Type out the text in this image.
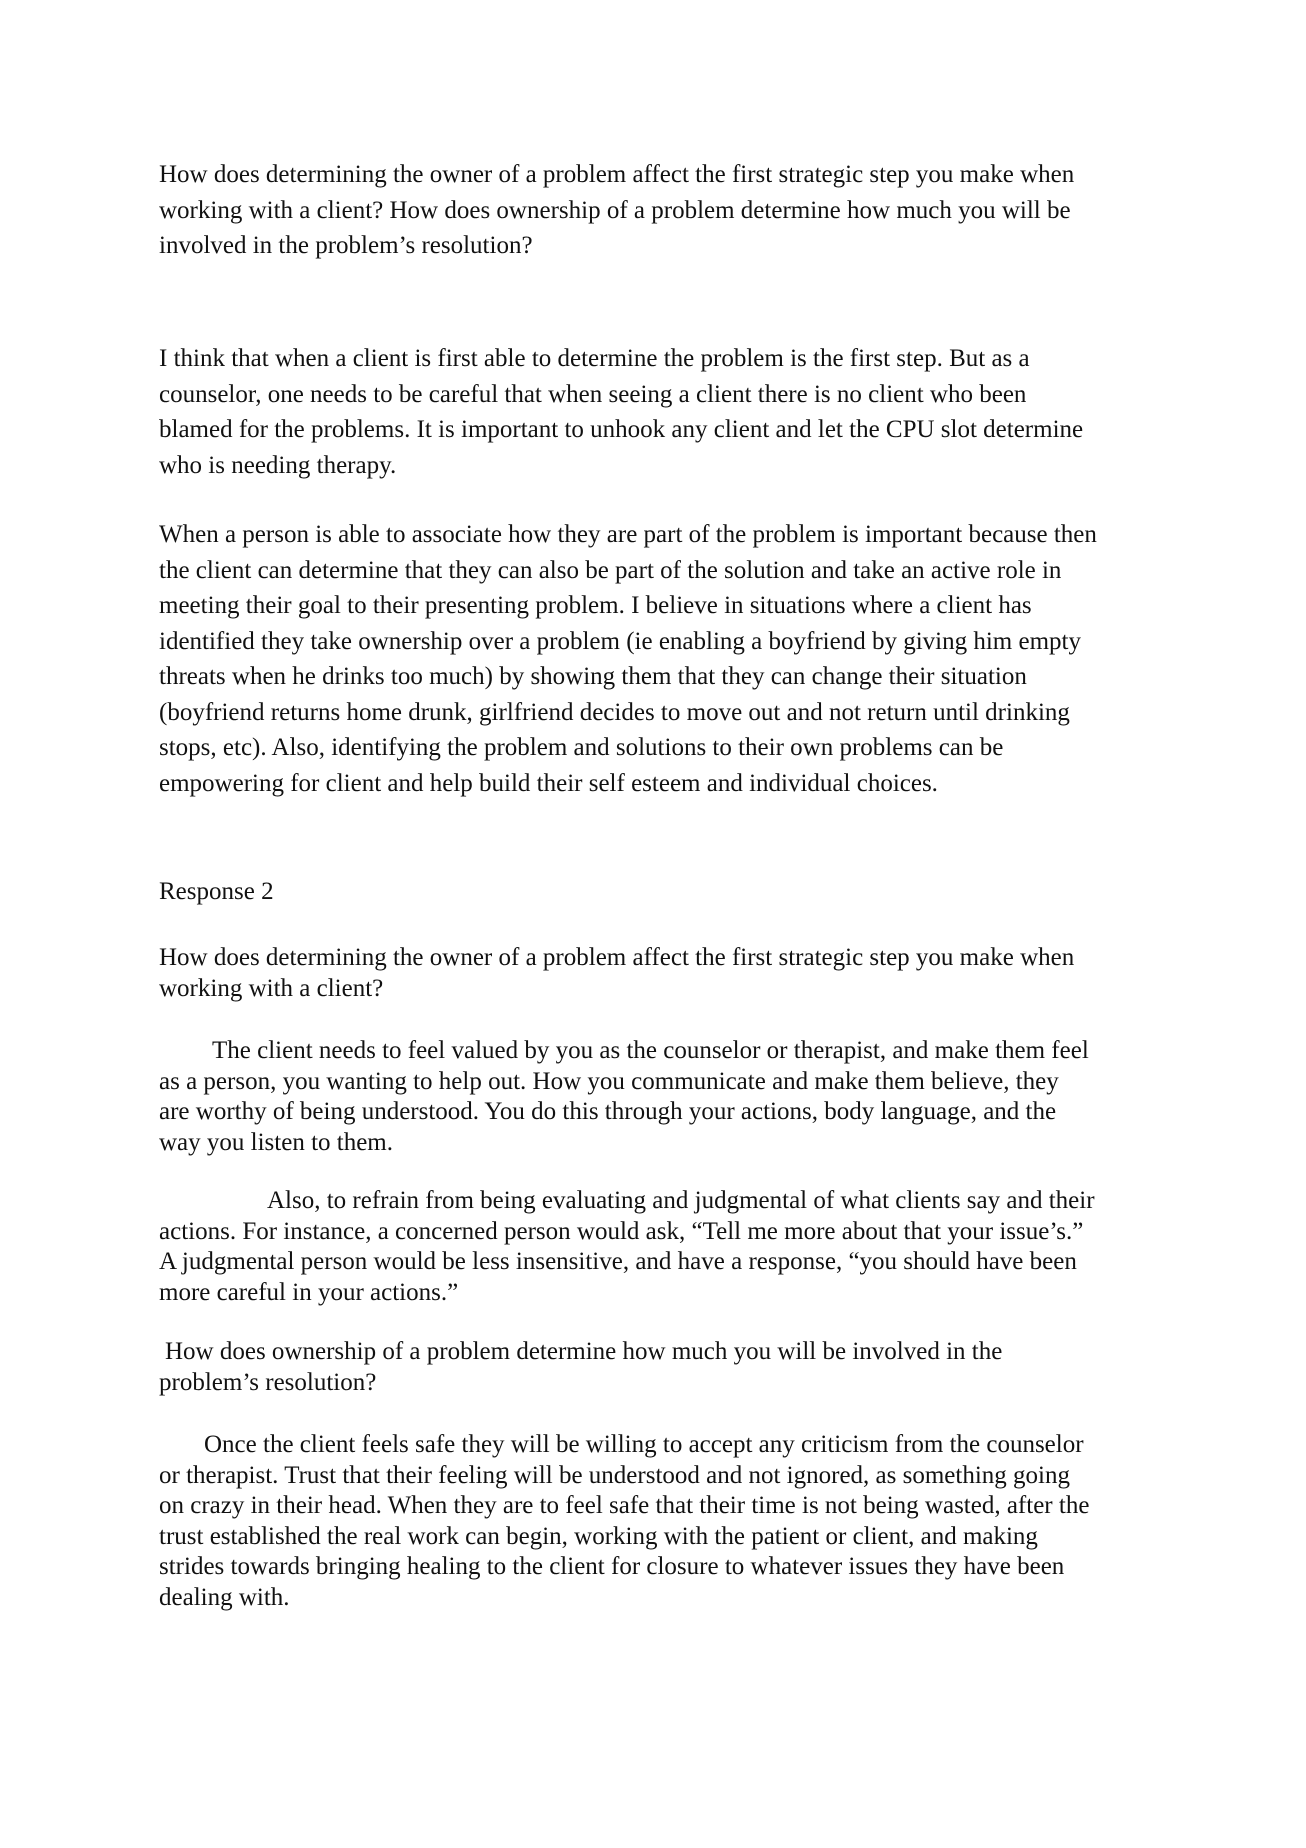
How does determining the owner of a problem affect the first strategic step you make when
working with a client? How does ownership of a problem determine how much you will be
involved in the problem’s resolution?

I think that when a client is first able to determine the problem is the first step. But as a
counselor, one needs to be careful that when seeing a client there is no client who been
blamed for the problems. It is important to unhook any client and let the CPU slot determine
who is needing therapy.

When a person is able to associate how they are part of the problem is important because then
the client can determine that they can also be part of the solution and take an active role in
meeting their goal to their presenting problem. I believe in situations where a client has
identified they take ownership over a problem (ie enabling a boyfriend by giving him empty
threats when he drinks too much) by showing them that they can change their situation
(boyfriend returns home drunk, girlfriend decides to move out and not return until drinking
stops, etc). Also, identifying the problem and solutions to their own problems can be
empowering for client and help build their self esteem and individual choices.

Response 2

How does determining the owner of a problem affect the first strategic step you make when
working with a client?

The client needs to feel valued by you as the counselor or therapist, and make them feel
as a person, you wanting to help out. How you communicate and make them believe, they
are worthy of being understood. You do this through your actions, body language, and the
way you listen to them.

Also, to refrain from being evaluating and judgmental of what clients say and their
actions. For instance, a concerned person would ask, “Tell me more about that your issue’s.”
A judgmental person would be less insensitive, and have a response, “you should have been
more careful in your actions.”

How does ownership of a problem determine how much you will be involved in the
problem’s resolution?

Once the client feels safe they will be willing to accept any criticism from the counselor
or therapist. Trust that their feeling will be understood and not ignored, as something going
on crazy in their head. When they are to feel safe that their time is not being wasted, after the
trust established the real work can begin, working with the patient or client, and making
strides towards bringing healing to the client for closure to whatever issues they have been
dealing with.
